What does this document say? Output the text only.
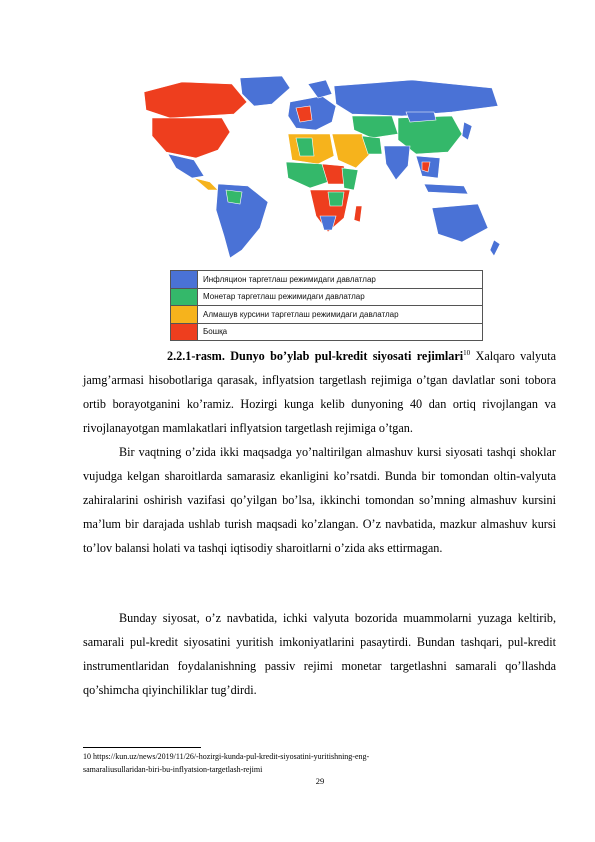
Инфляцион таргетлаш режимидаги давлатлар
Монетар таргетлаш режимидаги давлатлар
Алмашув курсини таргетлаш режимидаги давлатлар
Бошқа

2.2.1-rasm. Dunyo bo’ylab pul-kredit siyosati rejimlari$^{10}$ Xalqaro valyuta jamg’armasi hisobotlariga qarasak, inflyatsion targetlash rejimiga o’tgan davlatlar soni tobora ortib borayotganini ko’ramiz. Hozirgi kunga kelib dunyoning 40 dan ortiq rivojlangan va rivojlanayotgan mamlakatlari inflyatsion targetlash rejimiga o’tgan.

Bir vaqtning o’zida ikki maqsadga yo’naltirilgan almashuv kursi siyosati tashqi shoklar vujudga kelgan sharoitlarda samarasiz ekanligini ko’rsatdi. Bunda bir tomondan oltin-valyuta zahiralarini oshirish vazifasi qo’yilgan bo’lsa, ikkinchi tomondan so’mning almashuv kursini ma’lum bir darajada ushlab turish maqsadi ko’zlangan. O’z navbatida, mazkur almashuv kursi to’lov balansi holati va tashqi iqtisodiy sharoitlarni o’zida aks ettirmagan.

Bunday siyosat, o’z navbatida, ichki valyuta bozorida muammolarni yuzaga keltirib, samarali pul-kredit siyosatini yuritish imkoniyatlarini pasaytirdi. Bundan tashqari, pul-kredit instrumentlaridan foydalanishning passiv rejimi monetar targetlashni samarali qo’llashda qo’shimcha qiyinchiliklar tug’dirdi.

10 https://kun.uz/news/2019/11/26/-hozirgi-kunda-pul-kredit-siyosatini-yuritishning-eng-
samaraliusullaridan-biri-bu-inflyatsion-targetlash-rejimi
29
